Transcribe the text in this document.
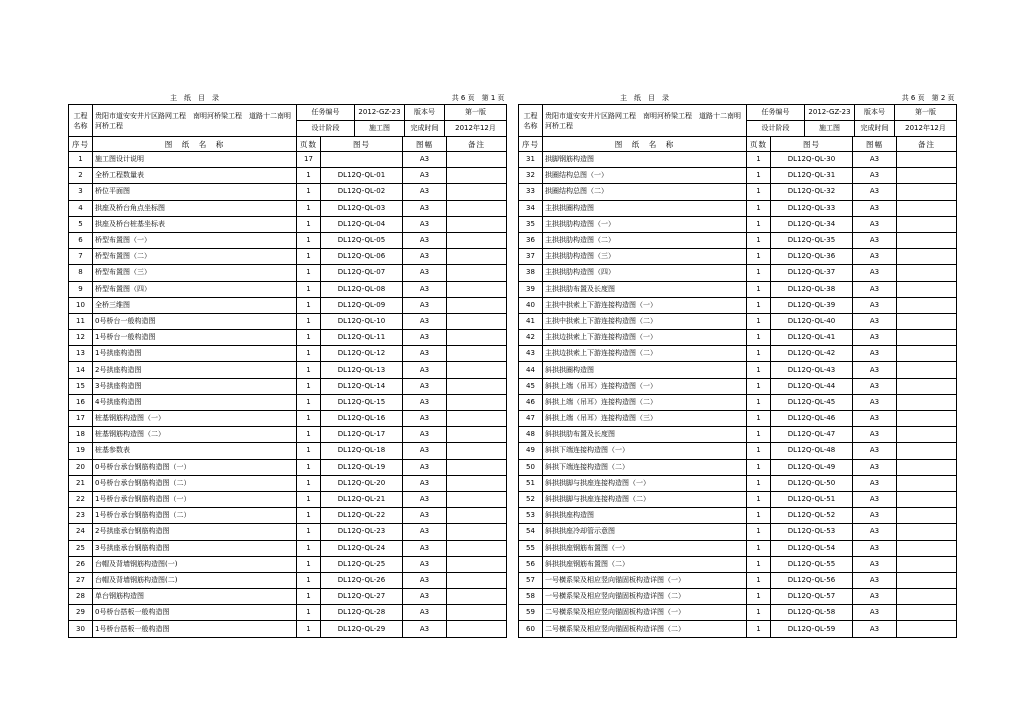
	主　纸　目　录			共 6 页　第 1 页	
工程名称	贵阳市道安安井片区路网工程　南明河桥梁工程　道路十二南明河桥工程	任务编号	2012-GZ-23	版本号	第一版
		设计阶段	施工图	完成时间	2012年12月
序号	图　纸　名　称	页数	图号	图幅	备注
1	施工图设计说明	17		A3	
2	全桥工程数量表	1	DL12Q-QL-01	A3	
3	桥位平面图	1	DL12Q-QL-02	A3	
4	拱座及桥台角点坐标图	1	DL12Q-QL-03	A3	
5	拱座及桥台桩基坐标表	1	DL12Q-QL-04	A3	
6	桥型布置图（一）	1	DL12Q-QL-05	A3	
7	桥型布置图（二）	1	DL12Q-QL-06	A3	
8	桥型布置图（三）	1	DL12Q-QL-07	A3	
9	桥型布置图（四）	1	DL12Q-QL-08	A3	
10	全桥三维图	1	DL12Q-QL-09	A3	
11	0号桥台一般构造图	1	DL12Q-QL-10	A3	
12	1号桥台一般构造图	1	DL12Q-QL-11	A3	
13	1号拱座构造图	1	DL12Q-QL-12	A3	
14	2号拱座构造图	1	DL12Q-QL-13	A3	
15	3号拱座构造图	1	DL12Q-QL-14	A3	
16	4号拱座构造图	1	DL12Q-QL-15	A3	
17	桩基钢筋构造图（一）	1	DL12Q-QL-16	A3	
18	桩基钢筋构造图（二）	1	DL12Q-QL-17	A3	
19	桩基参数表	1	DL12Q-QL-18	A3	
20	0号桥台承台钢筋构造图（一）	1	DL12Q-QL-19	A3	
21	0号桥台承台钢筋构造图（二）	1	DL12Q-QL-20	A3	
22	1号桥台承台钢筋构造图（一）	1	DL12Q-QL-21	A3	
23	1号桥台承台钢筋构造图（二）	1	DL12Q-QL-22	A3	
24	2号拱座承台钢筋构造图	1	DL12Q-QL-23	A3	
25	3号拱座承台钢筋构造图	1	DL12Q-QL-24	A3	
26	台帽及背墙钢筋构造图(一)	1	DL12Q-QL-25	A3	
27	台帽及背墙钢筋构造图(二)	1	DL12Q-QL-26	A3	
28	单台钢筋构造图	1	DL12Q-QL-27	A3	
29	0号桥台搭板一般构造图	1	DL12Q-QL-28	A3	
30	1号桥台搭板一般构造图	1	DL12Q-QL-29	A3	
	主　纸　目　录			共 6 页　第 2 页	
工程名称	贵阳市道安安井片区路网工程　南明河桥梁工程　道路十二南明河桥工程	任务编号	2012-GZ-23	版本号	第一版
		设计阶段	施工图	完成时间	2012年12月
序号	图　纸　名　称	页数	图号	图幅	备注
31	拱脚钢筋构造图	1	DL12Q-QL-30	A3	
32	拱圈结构总图（一）	1	DL12Q-QL-31	A3	
33	拱圈结构总图（二）	1	DL12Q-QL-32	A3	
34	主拱拱圈构造图	1	DL12Q-QL-33	A3	
35	主拱拱肋构造图（一）	1	DL12Q-QL-34	A3	
36	主拱拱肋构造图（二）	1	DL12Q-QL-35	A3	
37	主拱拱肋构造图（三）	1	DL12Q-QL-36	A3	
38	主拱拱肋构造图（四）	1	DL12Q-QL-37	A3	
39	主拱拱肋布置及长度图	1	DL12Q-QL-38	A3	
40	主拱中拱索上下游连接构造图（一）	1	DL12Q-QL-39	A3	
41	主拱中拱索上下游连接构造图（二）	1	DL12Q-QL-40	A3	
42	主拱边拱索上下游连接构造图（一）	1	DL12Q-QL-41	A3	
43	主拱边拱索上下游连接构造图（二）	1	DL12Q-QL-42	A3	
44	斜拱拱圈构造图	1	DL12Q-QL-43	A3	
45	斜拱上端（吊耳）连接构造图（一）	1	DL12Q-QL-44	A3	
46	斜拱上端（吊耳）连接构造图（二）	1	DL12Q-QL-45	A3	
47	斜拱上端（吊耳）连接构造图（三）	1	DL12Q-QL-46	A3	
48	斜拱拱肋布置及长度图	1	DL12Q-QL-47	A3	
49	斜拱下端连接构造图（一）	1	DL12Q-QL-48	A3	
50	斜拱下端连接构造图（二）	1	DL12Q-QL-49	A3	
51	斜拱拱脚与拱座连接构造图（一）	1	DL12Q-QL-50	A3	
52	斜拱拱脚与拱座连接构造图（二）	1	DL12Q-QL-51	A3	
53	斜拱拱座构造图	1	DL12Q-QL-52	A3	
54	斜拱拱座冷却管示意图	1	DL12Q-QL-53	A3	
55	斜拱拱座钢筋布置图（一）	1	DL12Q-QL-54	A3	
56	斜拱拱座钢筋布置图（二）	1	DL12Q-QL-55	A3	
57	一号横系梁及相应竖向锚固板构造详图（一）	1	DL12Q-QL-56	A3	
58	一号横系梁及相应竖向锚固板构造详图（二）	1	DL12Q-QL-57	A3	
59	二号横系梁及相应竖向锚固板构造详图（一）	1	DL12Q-QL-58	A3	
60	二号横系梁及相应竖向锚固板构造详图（二）	1	DL12Q-QL-59	A3	
